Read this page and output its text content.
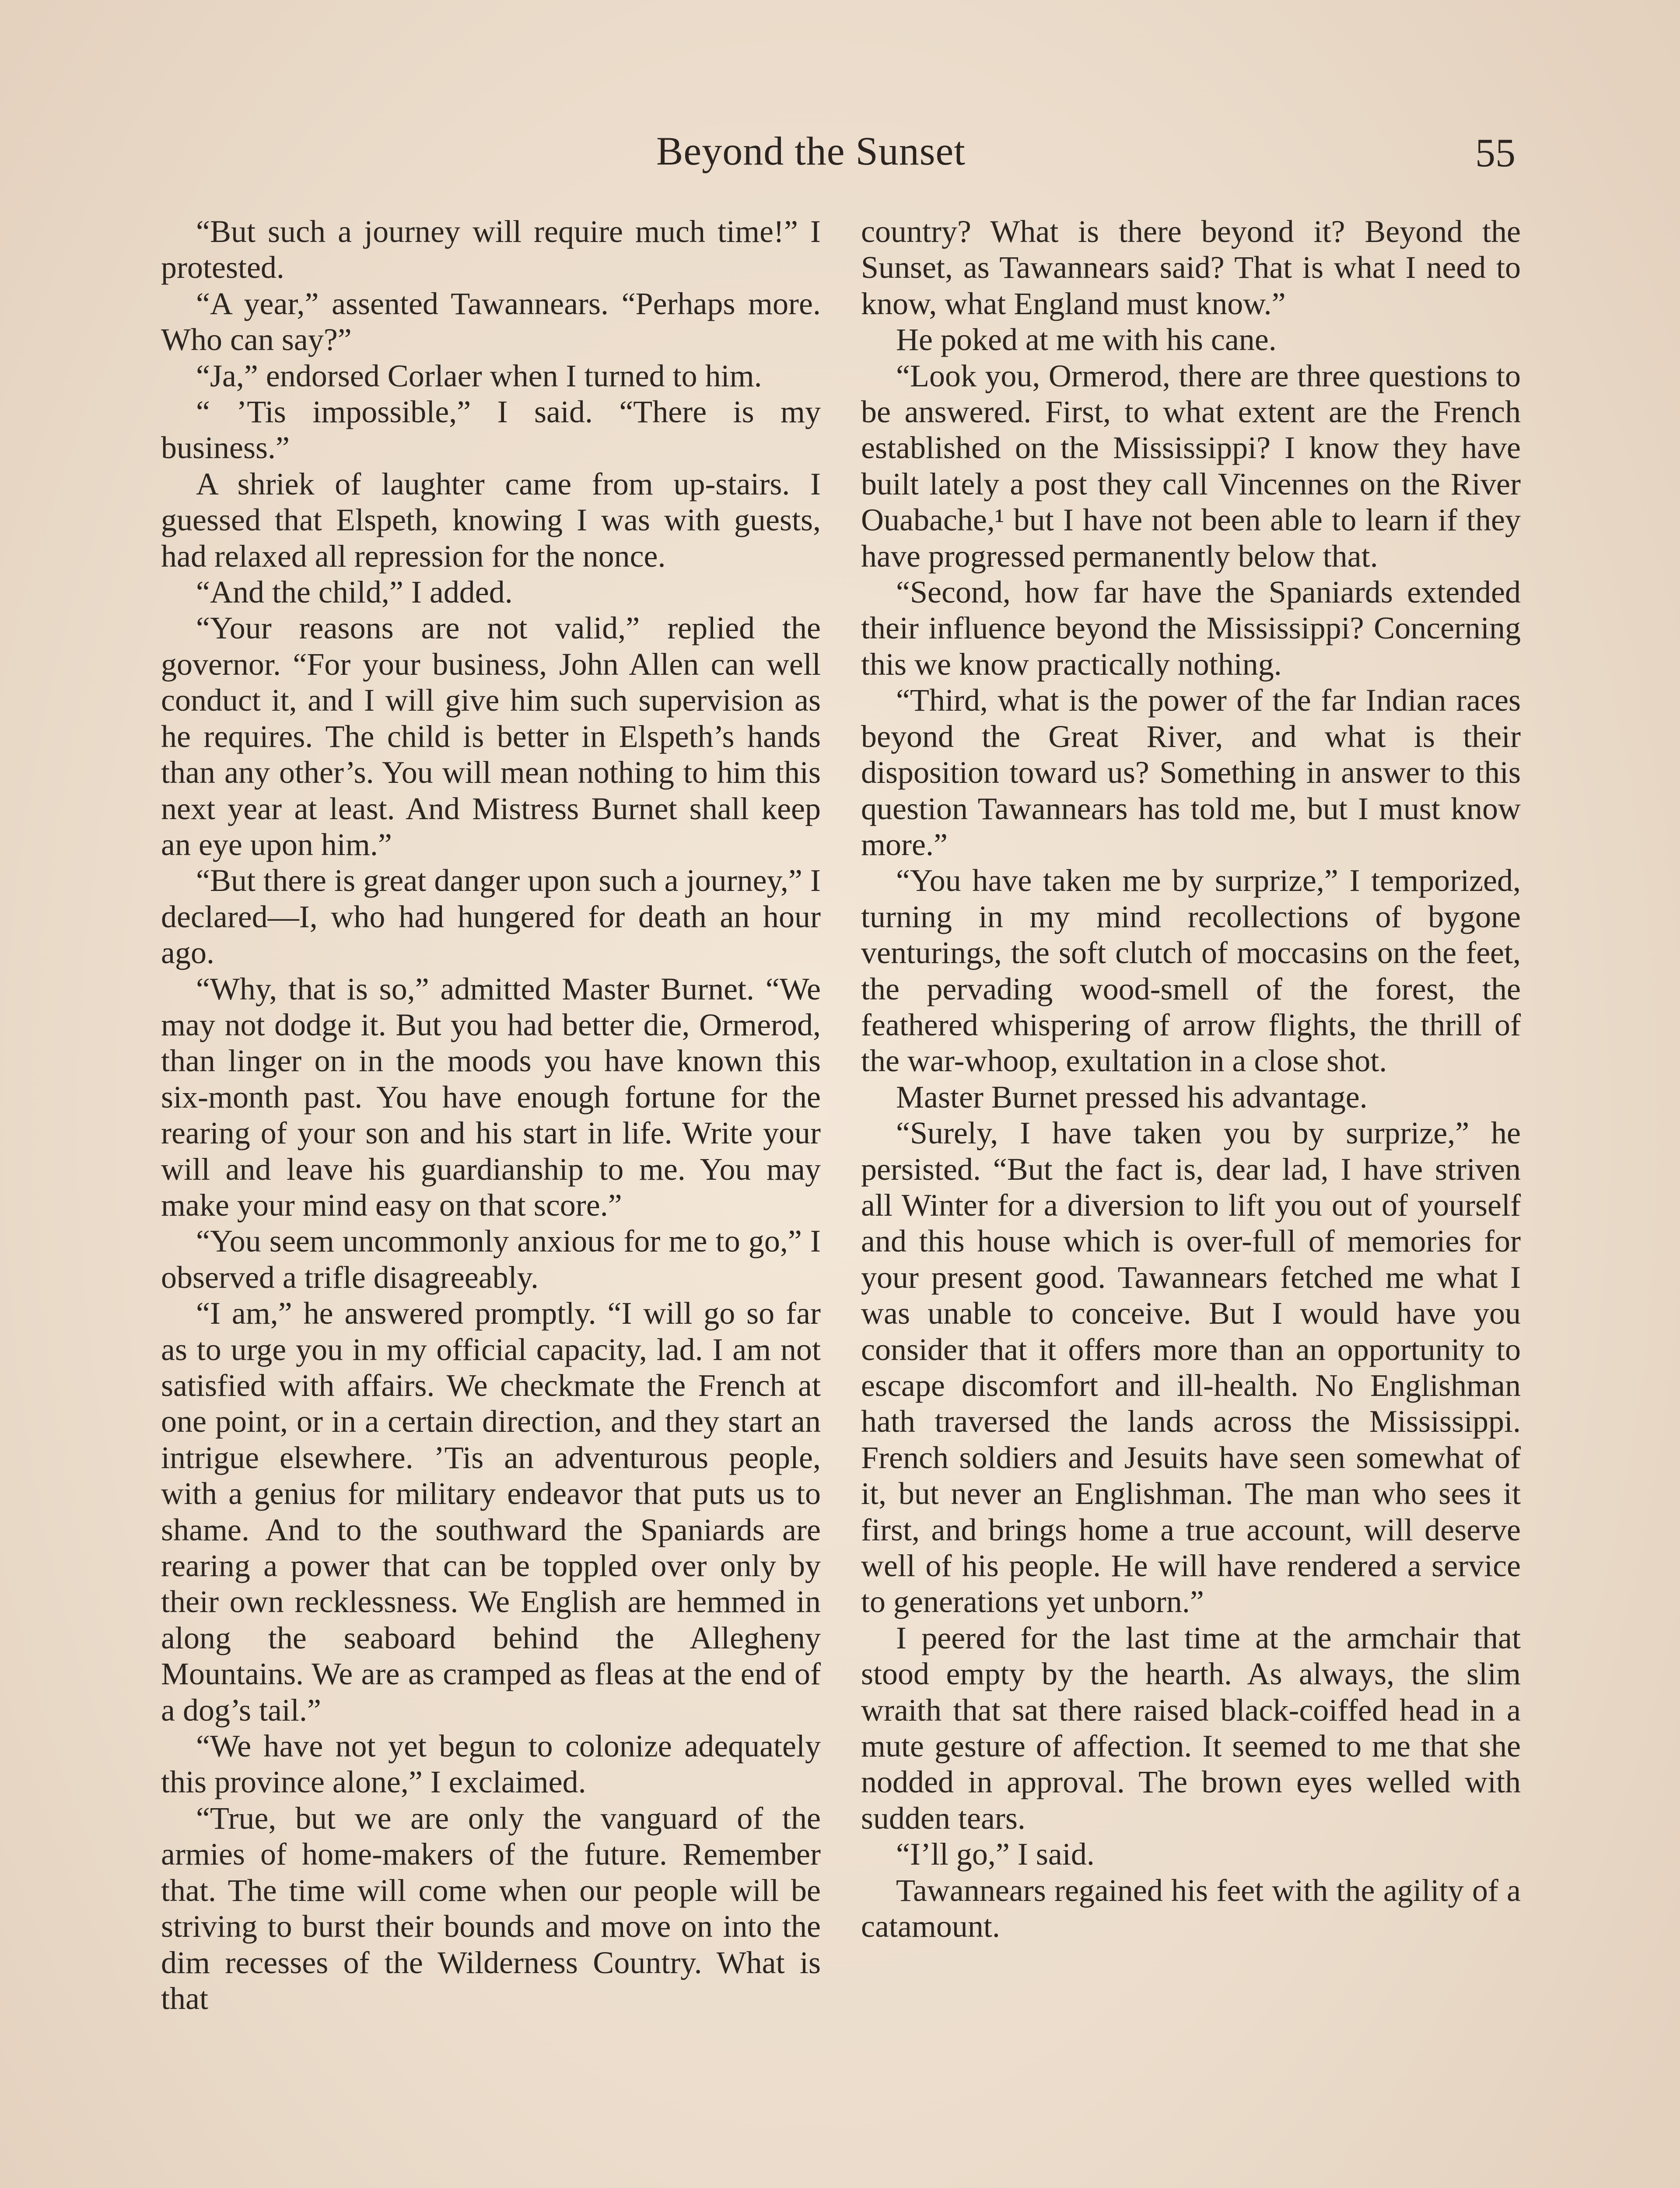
Beyond the Sunset	55

“But such a journey will require much time!” I protested.

“A year,” assented Tawannears. “Perhaps more. Who can say?”

“Ja,” endorsed Corlaer when I turned to him.

“ ’Tis impossible,” I said. “There is my business.”

A shriek of laughter came from up-stairs. I guessed that Elspeth, knowing I was with guests, had relaxed all repression for the nonce.

“And the child,” I added.

“Your reasons are not valid,” replied the governor. “For your business, John Allen can well conduct it, and I will give him such supervision as he requires. The child is better in Elspeth’s hands than any other’s. You will mean nothing to him this next year at least. And Mistress Burnet shall keep an eye upon him.”

“But there is great danger upon such a journey,” I declared—I, who had hungered for death an hour ago.

“Why, that is so,” admitted Master Burnet. “We may not dodge it. But you had better die, Ormerod, than linger on in the moods you have known this six-month past. You have enough fortune for the rearing of your son and his start in life. Write your will and leave his guardianship to me. You may make your mind easy on that score.”

“You seem uncommonly anxious for me to go,” I observed a trifle disagreeably.

“I am,” he answered promptly. “I will go so far as to urge you in my official capacity, lad. I am not satisfied with affairs. We checkmate the French at one point, or in a certain direction, and they start an intrigue elsewhere. ’Tis an adventurous people, with a genius for military endeavor that puts us to shame. And to the southward the Spaniards are rearing a power that can be toppled over only by their own recklessness. We English are hemmed in along the seaboard behind the Allegheny Mountains. We are as cramped as fleas at the end of a dog’s tail.”

“We have not yet begun to colonize adequately this province alone,” I exclaimed.

“True, but we are only the vanguard of the armies of home-makers of the future. Remember that. The time will come when our people will be striving to burst their bounds and move on into the dim recesses of the Wilderness Country. What is that

country? What is there beyond it? Beyond the Sunset, as Tawannears said? That is what I need to know, what England must know.”

He poked at me with his cane.

“Look you, Ormerod, there are three questions to be answered. First, to what extent are the French established on the Mississippi? I know they have built lately a post they call Vincennes on the River Ouabache,¹ but I have not been able to learn if they have progressed permanently below that.

“Second, how far have the Spaniards extended their influence beyond the Mississippi? Concerning this we know practically nothing.

“Third, what is the power of the far Indian races beyond the Great River, and what is their disposition toward us? Something in answer to this question Tawannears has told me, but I must know more.”

“You have taken me by surprize,” I temporized, turning in my mind recollections of bygone venturings, the soft clutch of moccasins on the feet, the pervading wood-smell of the forest, the feathered whispering of arrow flights, the thrill of the war-whoop, exultation in a close shot.

Master Burnet pressed his advantage.

“Surely, I have taken you by surprize,” he persisted. “But the fact is, dear lad, I have striven all Winter for a diversion to lift you out of yourself and this house which is over-full of memories for your present good. Tawannears fetched me what I was unable to conceive. But I would have you consider that it offers more than an opportunity to escape discomfort and ill-health. No Englishman hath traversed the lands across the Mississippi. French soldiers and Jesuits have seen somewhat of it, but never an Englishman. The man who sees it first, and brings home a true account, will deserve well of his people. He will have rendered a service to generations yet unborn.”

I peered for the last time at the armchair that stood empty by the hearth. As always, the slim wraith that sat there raised black-coiffed head in a mute gesture of affection. It seemed to me that she nodded in approval. The brown eyes welled with sudden tears.

“I’ll go,” I said.

Tawannears regained his feet with the agility of a catamount.
